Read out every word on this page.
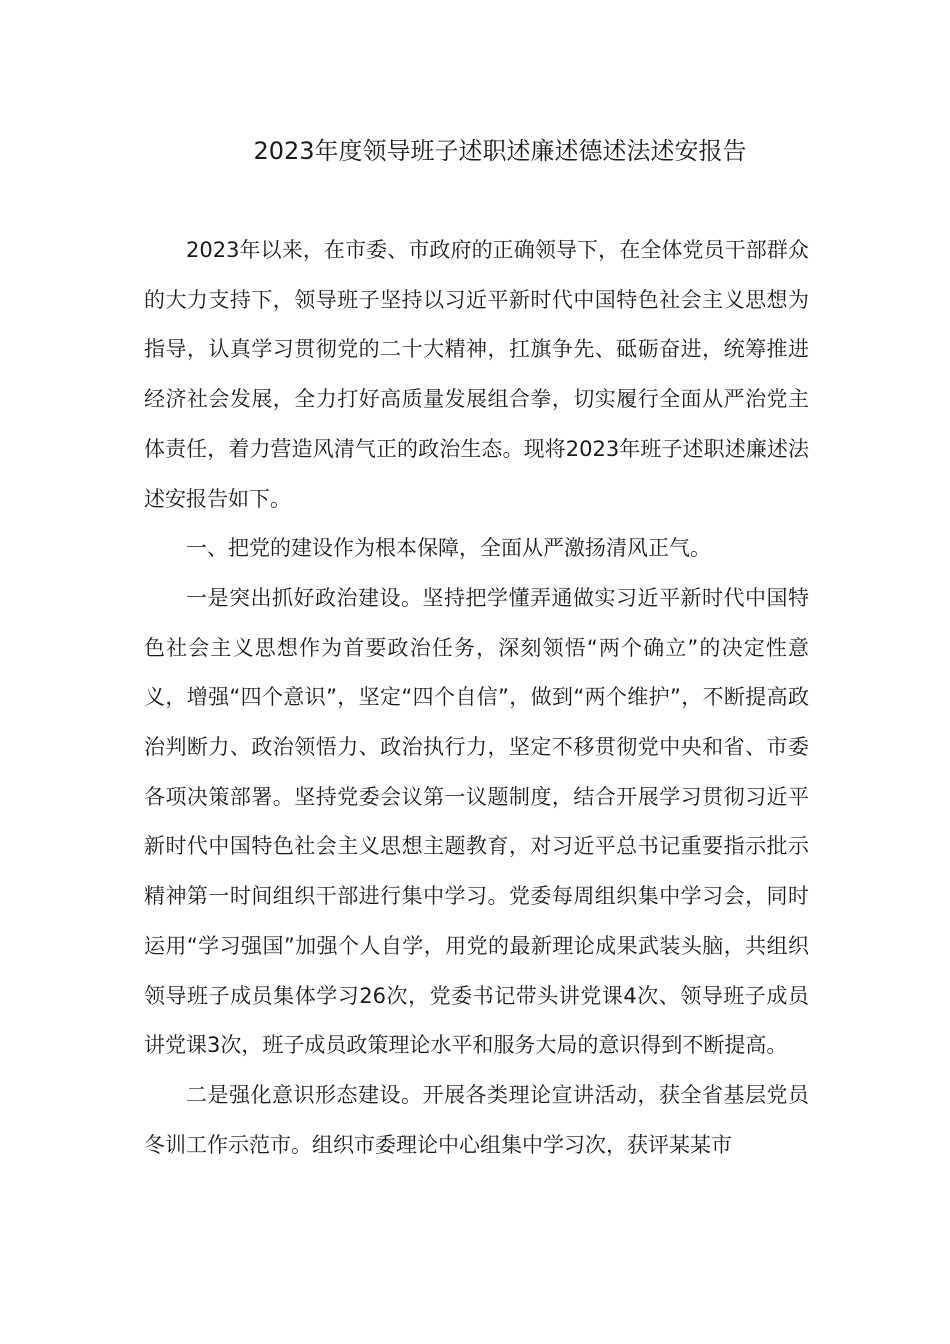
2023年度领导班子述职述廉述德述法述安报告

2023年以来，在市委、市政府的正确领导下，在全体党员干部群众的大力支持下，领导班子坚持以习近平新时代中国特色社会主义思想为指导，认真学习贯彻党的二十大精神，扛旗争先、砥砺奋进，统筹推进经济社会发展，全力打好高质量发展组合拳，切实履行全面从严治党主体责任，着力营造风清气正的政治生态。现将2023年班子述职述廉述法述安报告如下。

一、把党的建设作为根本保障，全面从严激扬清风正气。

一是突出抓好政治建设。坚持把学懂弄通做实习近平新时代中国特色社会主义思想作为首要政治任务，深刻领悟“两个确立”的决定性意义，增强“四个意识”，坚定“四个自信”，做到“两个维护”，不断提高政治判断力、政治领悟力、政治执行力，坚定不移贯彻党中央和省、市委各项决策部署。坚持党委会议第一议题制度，结合开展学习贯彻习近平新时代中国特色社会主义思想主题教育，对习近平总书记重要指示批示精神第一时间组织干部进行集中学习。党委每周组织集中学习会，同时运用“学习强国”加强个人自学，用党的最新理论成果武装头脑，共组织领导班子成员集体学习26次，党委书记带头讲党课4次、领导班子成员讲党课3次，班子成员政策理论水平和服务大局的意识得到不断提高。

二是强化意识形态建设。开展各类理论宣讲活动，获全省基层党员冬训工作示范市。组织市委理论中心组集中学习次，获评某某市
